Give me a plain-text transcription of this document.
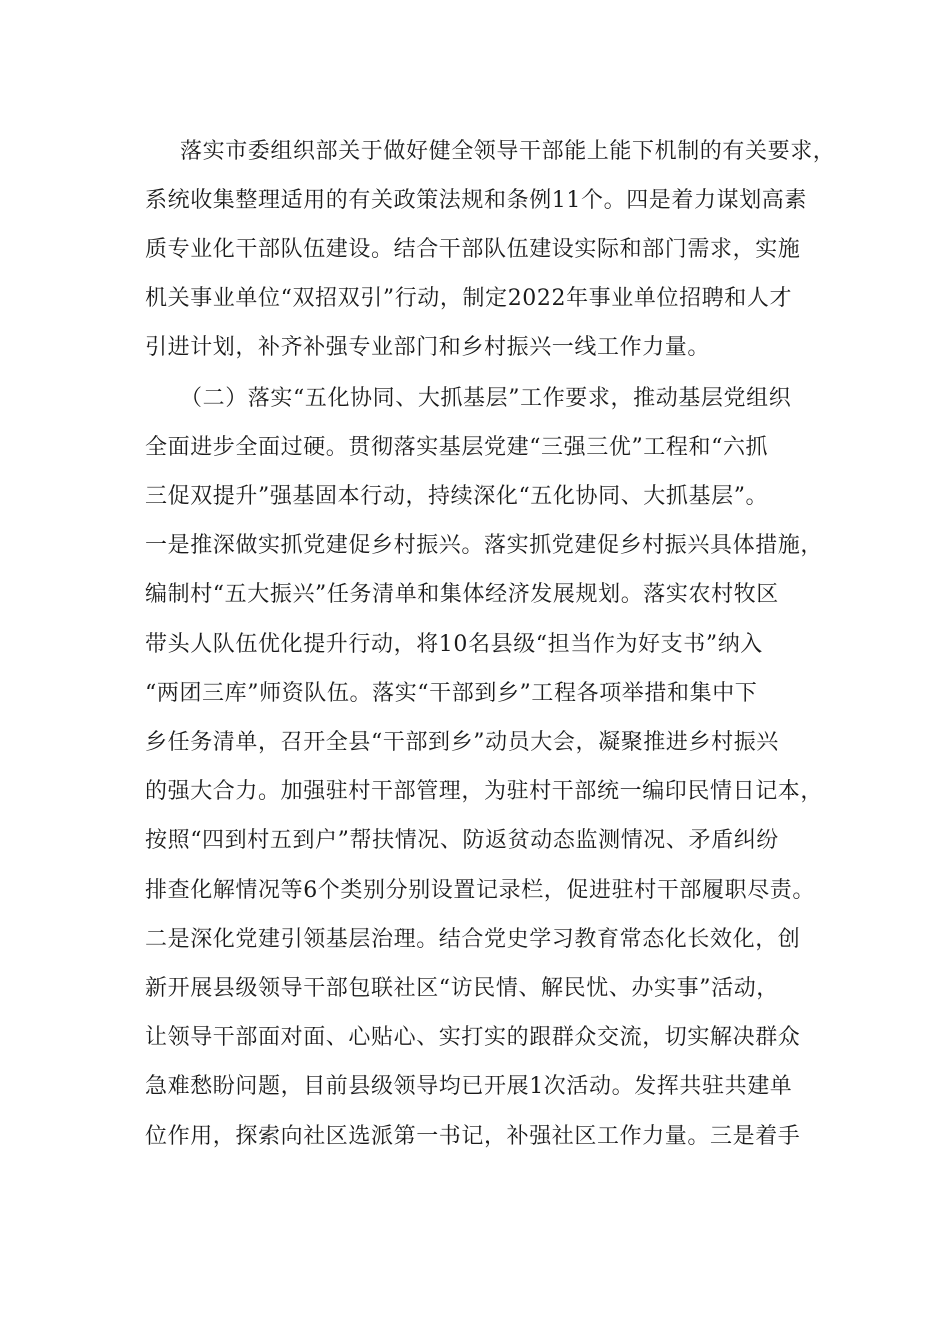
落实市委组织部关于做好健全领导干部能上能下机制的有关要求，
系统收集整理适用的有关政策法规和条例11个。四是着力谋划高素
质专业化干部队伍建设。结合干部队伍建设实际和部门需求，实施
机关事业单位“双招双引”行动，制定2022年事业单位招聘和人才
引进计划，补齐补强专业部门和乡村振兴一线工作力量。
（二）落实“五化协同、大抓基层”工作要求，推动基层党组织
全面进步全面过硬。贯彻落实基层党建“三强三优”工程和“六抓
三促双提升”强基固本行动，持续深化“五化协同、大抓基层”。
一是推深做实抓党建促乡村振兴。落实抓党建促乡村振兴具体措施，
编制村“五大振兴”任务清单和集体经济发展规划。落实农村牧区
带头人队伍优化提升行动，将10名县级“担当作为好支书”纳入
“两团三库”师资队伍。落实“干部到乡”工程各项举措和集中下
乡任务清单，召开全县“干部到乡”动员大会，凝聚推进乡村振兴
的强大合力。加强驻村干部管理，为驻村干部统一编印民情日记本，
按照“四到村五到户”帮扶情况、防返贫动态监测情况、矛盾纠纷
排查化解情况等6个类别分别设置记录栏，促进驻村干部履职尽责。
二是深化党建引领基层治理。结合党史学习教育常态化长效化，创
新开展县级领导干部包联社区“访民情、解民忧、办实事”活动，
让领导干部面对面、心贴心、实打实的跟群众交流，切实解决群众
急难愁盼问题，目前县级领导均已开展1次活动。发挥共驻共建单
位作用，探索向社区选派第一书记，补强社区工作力量。三是着手
